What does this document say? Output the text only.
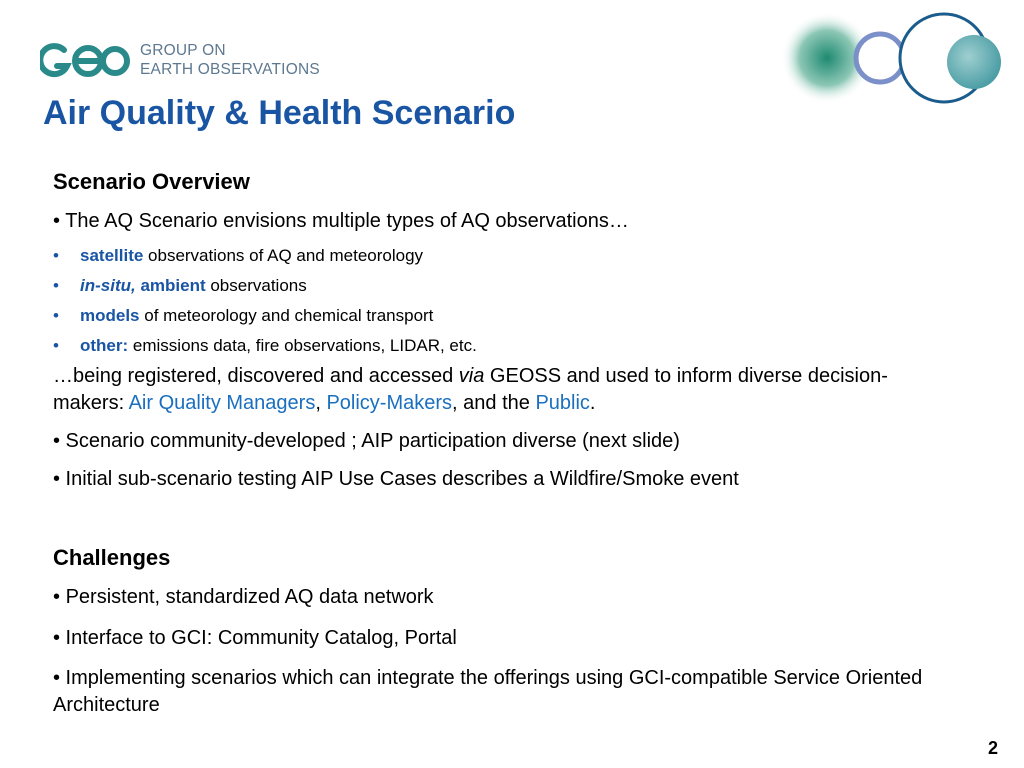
GROUP ON
EARTH OBSERVATIONS
Air Quality & Health Scenario
Scenario Overview
• The AQ Scenario envisions multiple types of AQ observations…
• satellite observations of AQ and meteorology
• in-situ, ambient observations
• models of meteorology and chemical transport
• other: emissions data, fire observations, LIDAR, etc.
…being registered, discovered and accessed via GEOSS and used to inform diverse decision-makers: Air Quality Managers, Policy-Makers, and the Public.
• Scenario community-developed ; AIP participation diverse (next slide)
• Initial sub-scenario testing AIP Use Cases describes a Wildfire/Smoke event
Challenges
• Persistent, standardized AQ data network
• Interface to GCI: Community Catalog, Portal
• Implementing scenarios which can integrate the offerings using GCI-compatible Service Oriented Architecture
2
